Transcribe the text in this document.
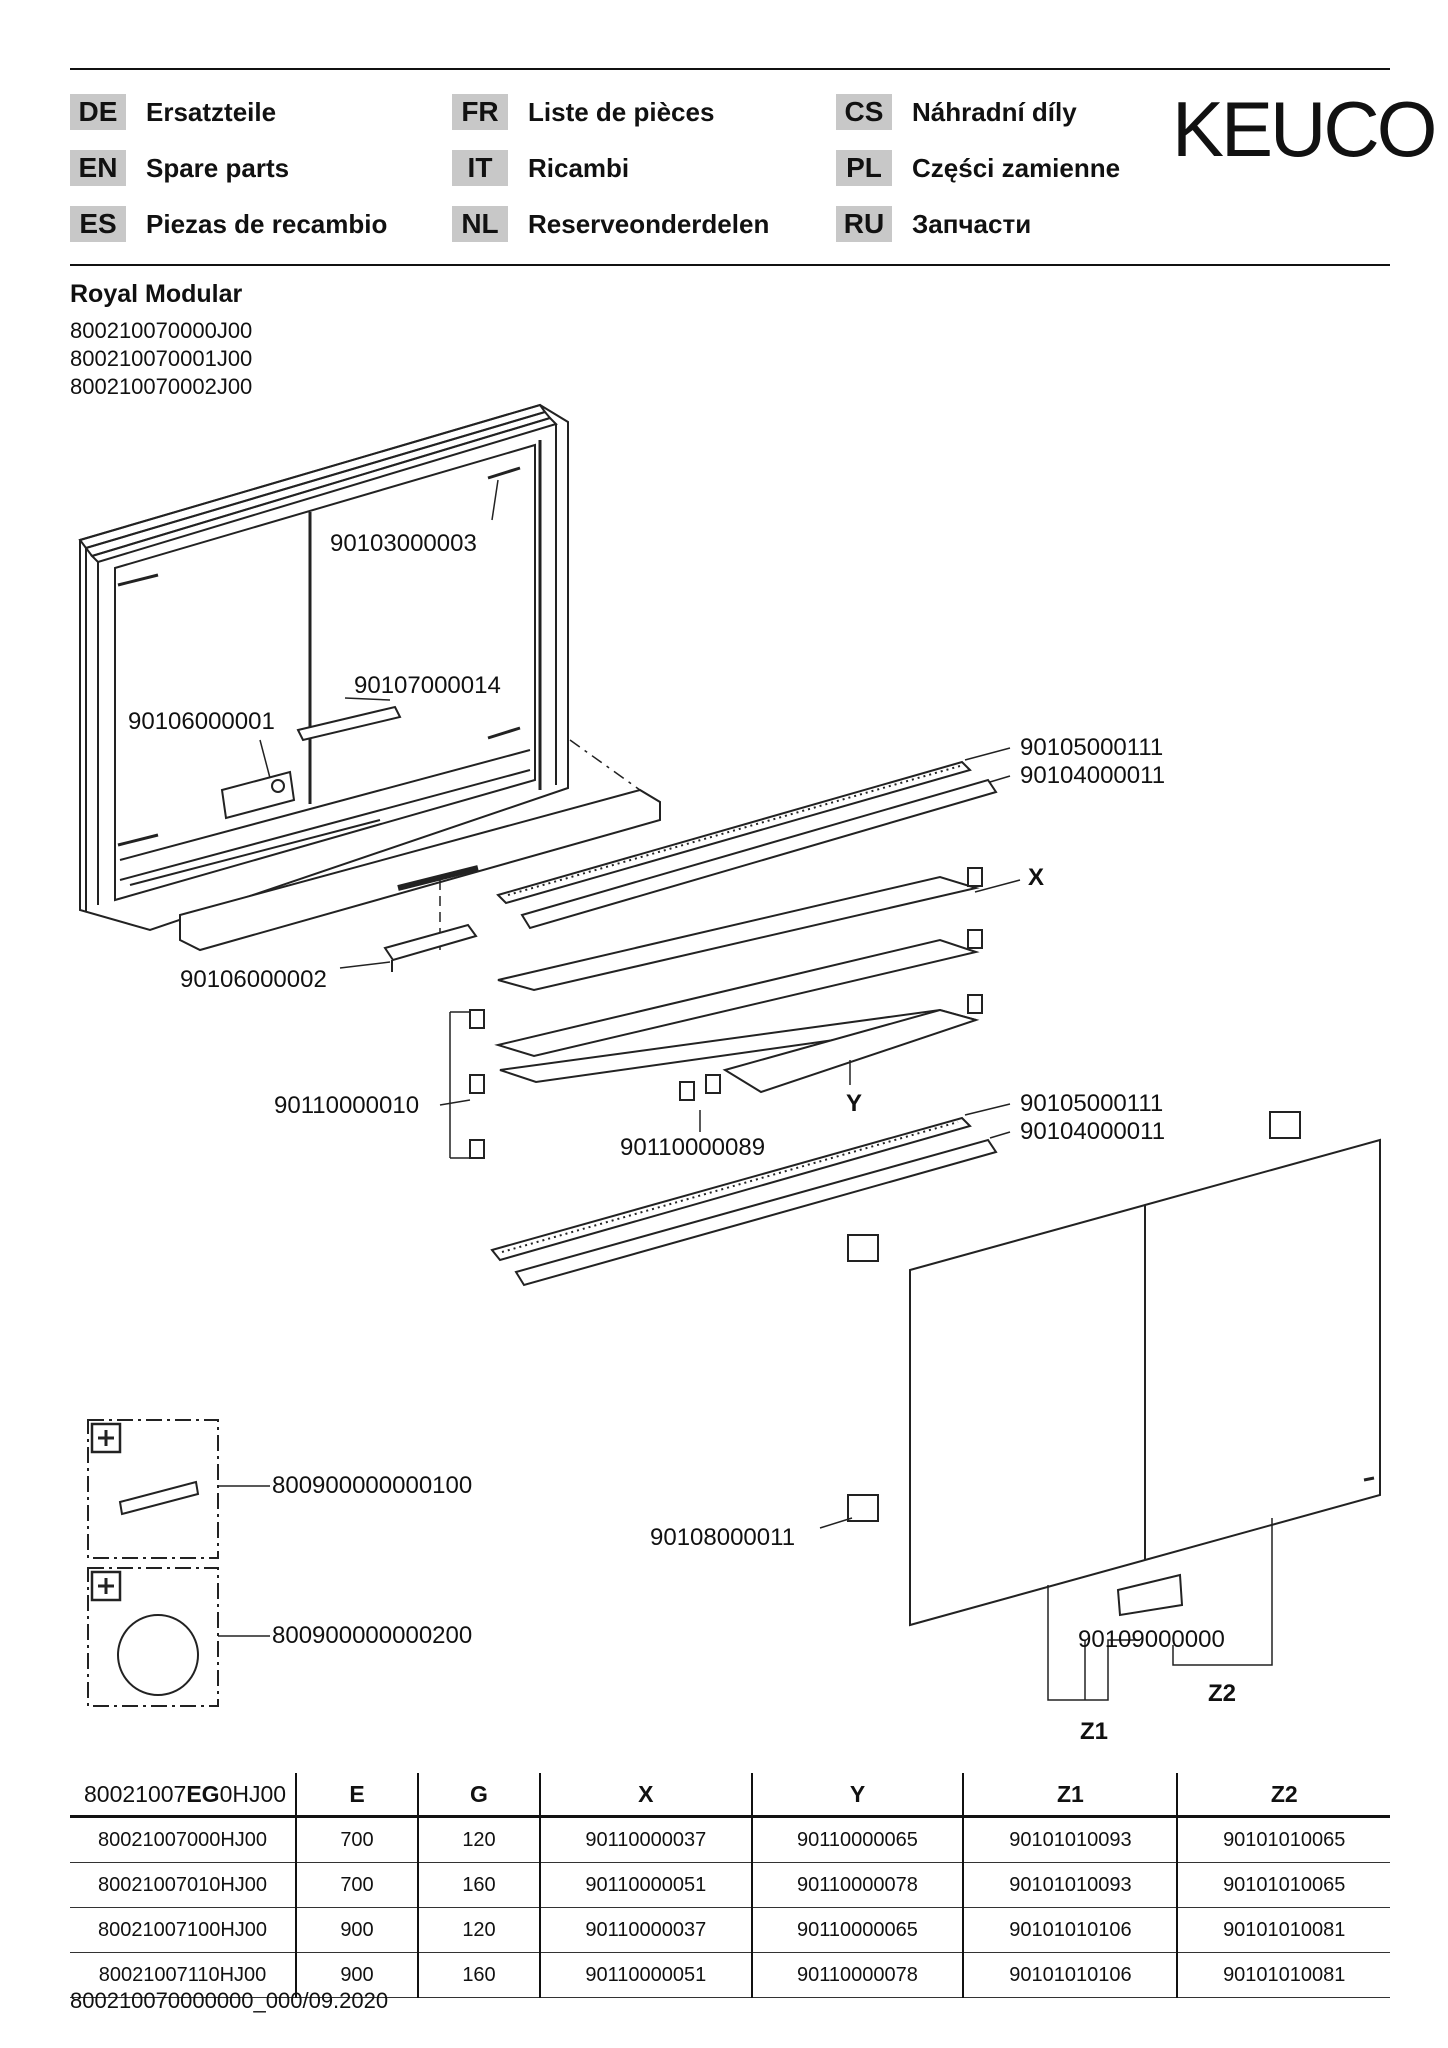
DE	Ersatzteile
EN	Spare parts
ES	Piezas de recambio
FR	Liste de pièces
IT	Ricambi
NL	Reserveonderdelen
CS	Náhradní díly
PL	Części zamienne
RU Запчасти
KEUCO
Royal Modular
800210070000J00
800210070001J00
800210070002J00
90103000003
90107000014
90106000001
90105000111
90104000011
X
90106000002
90110000010
90110000089
Y	90105000111
90104000011
800900000000100
800900000000200
90108000011
90109000000
Z1
Z2
80021007EG0HJ00	E	G	X	Y	Z1	Z2
80021007000HJ00	700	120	90110000037	90110000065	90101010093	90101010065
80021007010HJ00	700	160	90110000051	90110000078	90101010093	90101010065
80021007100HJ00	900	120	90110000037	90110000065	90101010106	90101010081
80021007110HJ00	900	160	90110000051	90110000078	90101010106	90101010081
800210070000000_000/09.2020
